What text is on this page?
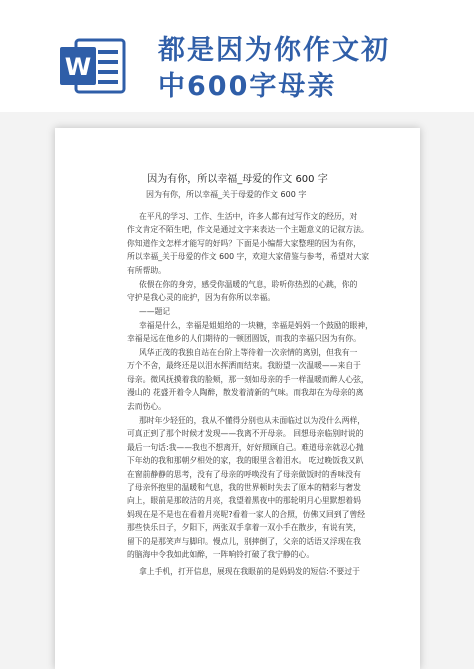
W
都是因为你作文初
中600字母亲
因为有你，所以幸福_母爱的作文 600 字
因为有你，所以幸福_关于母爱的作文 600 字
在平凡的学习、工作、生活中，许多人都有过写作文的经历，对
作文肯定不陌生吧，作文是通过文字来表达一个主题意义的记叙方法。
你知道作文怎样才能写的好吗？下面是小编帮大家整理的因为有你，
所以幸福_关于母爱的作文 600 字，欢迎大家借鉴与参考，希望对大家
有所帮助。
依偎在你的身旁，感受你温暖的气息，聆听你热烈的心跳，你的
守护是我心灵的庇护，因为有你所以幸福。
——题记
幸福是什么，幸福是姐姐给的一块糖，幸福是妈妈一个鼓励的眼神，
幸福是远在他乡的人们期待的一顿团圆饭，而我的幸福只因为有你。
风华正茂的我独自站在台阶上等待着一次亲情的离别，但我有一
万个不舍，最终还是以泪水挥洒而结束。我盼望一次温暖——来自于
母亲。微风抚摸着我的脸颊，那一刻如母亲的手一样温暖而醉人心弦，
漫山的 花盛开着令人陶醉，散发着清新的气味。而我却在为母亲的离
去而伤心。
那时年少轻狂的，我从不懂得分别也从未面临过以为没什么两样，
可真正到了那个时候才发现——我离不开母亲。 回想母亲临别时说的
最后一句话:我——我也不想离开，好好照顾自己。难道母亲就忍心抛
下年幼的我和那朝夕相处的家，我的眼里含着泪水。 吃过晚饭我又趴
在窗前静静的思考，没有了母亲的呼唤没有了母亲做饭时的香味没有
了母亲怀抱里的温暖和气息，我的世界顿时失去了原本的精彩与奢发
向上，眼前是那皎洁的月亮，我望着黑夜中的那轮明月心里默想着妈
妈现在是不是也在看着月亮呢?看着一家人的合照，仿佛又回到了曾经
那些快乐日子，夕阳下，两张双手拿着一双小手在散步，有说有笑，
留下的是那笑声与脚印。慢点儿，别摔倒了，父亲的话语又浮现在我
的脑海中令我如此如醉，一阵响铃打破了我宁静的心。
拿上手机，打开信息，展现在我眼前的是妈妈发的短信:不要过于
